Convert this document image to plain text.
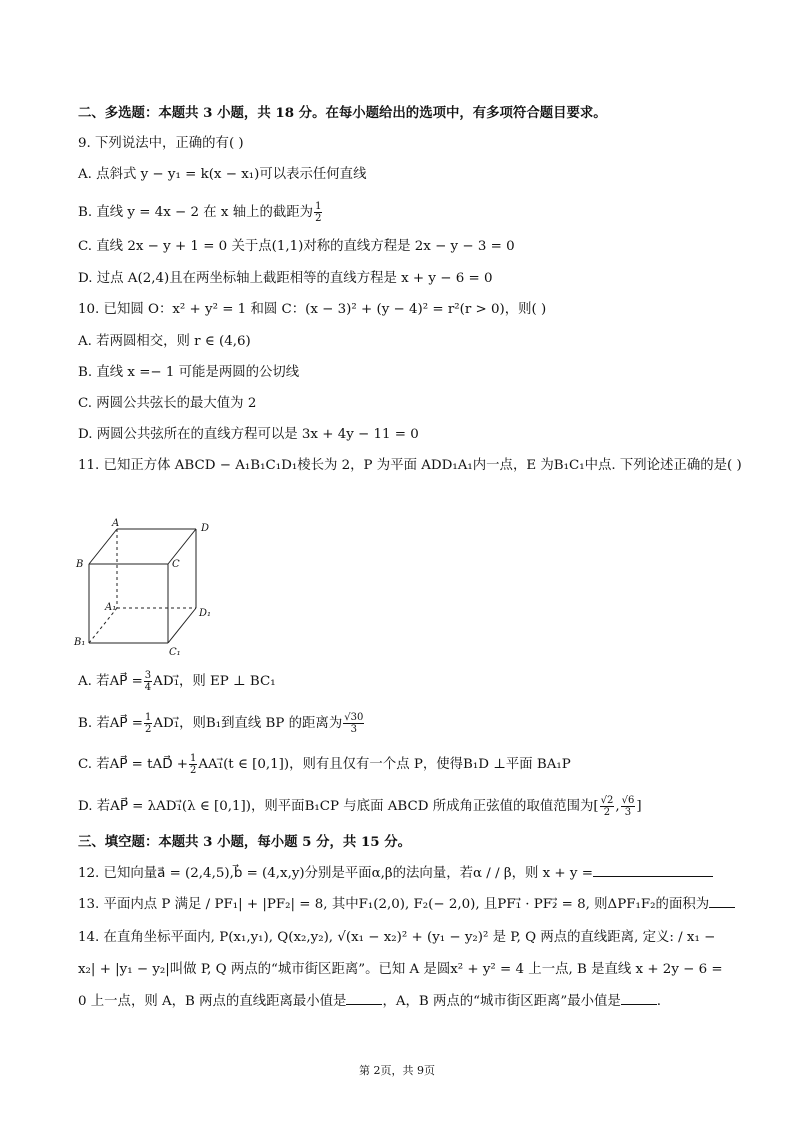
二、多选题：本题共 3 小题，共 18 分。在每小题给出的选项中，有多项符合题目要求。
9. 下列说法中，正确的有( )
A. 点斜式 y − y₁ = k(x − x₁)可以表示任何直线
B. 直线 y = 4x − 2 在 x 轴上的截距为 $\frac{1}{2}$
C. 直线 2x − y + 1 = 0 关于点(1,1)对称的直线方程是 2x − y − 3 = 0
D. 过点 A(2,4)且在两坐标轴上截距相等的直线方程是 x + y − 6 = 0
10. 已知圆 O：x² + y² = 1 和圆 C：(x − 3)² + (y − 4)² = r²(r > 0)，则( )
A. 若两圆相交，则 r ∈ (4,6)
B. 直线 x =− 1 可能是两圆的公切线
C. 两圆公共弦长的最大值为 2
D. 两圆公共弦所在的直线方程可以是 3x + 4y − 11 = 0
11. 已知正方体 ABCD − A₁B₁C₁D₁棱长为 2，P 为平面 ADD₁A₁内一点，E 为B₁C₁中点. 下列论述正确的是( )
A	D
B	C
A₁
D₁
B₁
C₁
A. 若AP⃗ = $\frac{3}{4}$ AD₁⃗，则 EP ⊥ BC₁
B. 若AP⃗ = $\frac{1}{2}$ AD₁⃗，则B₁到直线 BP 的距离为 $\frac{√30}{3}$
C. 若AP⃗ = tAD⃗ + $\frac{1}{2}$ AA₁⃗(t ∈ [0,1])，则有且仅有一个点 P，使得B₁D ⊥平面 BA₁P
D. 若AP⃗ = λAD₁⃗(λ ∈ [0,1])，则平面B₁CP 与底面 ABCD 所成角正弦值的取值范围为[ $\frac{√2}{2}$ , $\frac{√6}{3}$ ]
三、填空题：本题共 3 小题，每小题 5 分，共 15 分。
12. 已知向量a⃗ = (2,4,5),b⃗ = (4,x,y)分别是平面α,β的法向量，若α / / β，则 x + y =
13. 平面内点 P 满足 / PF₁| + |PF₂| = 8, 其中F₁(2,0), F₂(− 2,0), 且PF₁⃗ · PF₂⃗ = 8, 则ΔPF₁F₂的面积为
14. 在直角坐标平面内, P(x₁,y₁), Q(x₂,y₂), √(x₁ − x₂)² + (y₁ − y₂)² 是 P, Q 两点的直线距离, 定义: / x₁ −
x₂| + |y₁ − y₂|叫做 P, Q 两点的“城市街区距离”。已知 A 是圆x² + y² = 4 上一点, B 是直线 x + 2y − 6 =
0 上一点，则 A，B 两点的直线距离最小值是	，A，B 两点的“城市街区距离”最小值是	.
第 2页，共 9页
